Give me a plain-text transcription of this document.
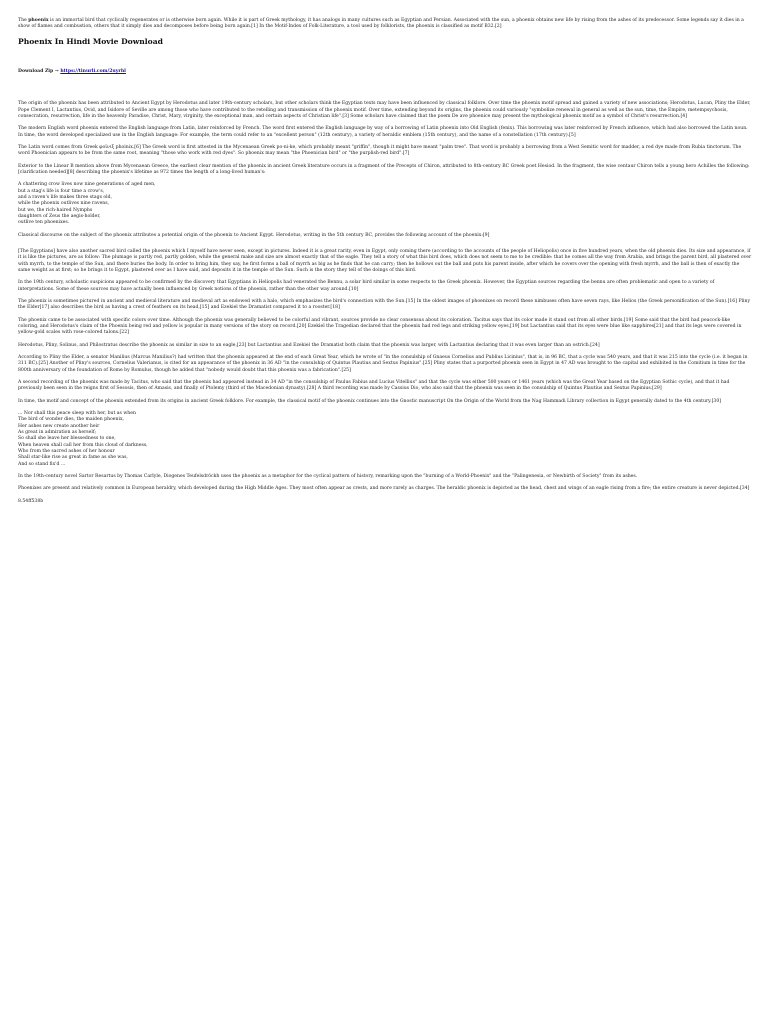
The phoenix is an immortal bird that cyclically regenerates or is otherwise born again. While it is part of Greek mythology, it has analogs in many cultures such as Egyptian and Persian. Associated with the sun, a phoenix obtains new life by rising from the ashes of its predecessor. Some legends say it dies in a show of flames and combustion, others that it simply dies and decomposes before being born again.[1] In the Motif-Index of Folk-Literature, a tool used by folklorists, the phoenix is classified as motif B32.[2]

Phoenix In Hindi Movie Download
Download Zip → https://tinurli.com/2uyrhl

The origin of the phoenix has been attributed to Ancient Egypt by Herodotus and later 19th-century scholars, but other scholars think the Egyptian texts may have been influenced by classical folklore. Over time the phoenix motif spread and gained a variety of new associations; Herodotus, Lucan, Pliny the Elder, Pope Clement I, Lactantius, Ovid, and Isidore of Seville are among those who have contributed to the retelling and transmission of the phoenix motif. Over time, extending beyond its origins, the phoenix could variously "symbolize renewal in general as well as the sun, time, the Empire, metempsychosis, consecration, resurrection, life in the heavenly Paradise, Christ, Mary, virginity, the exceptional man, and certain aspects of Christian life".[3] Some scholars have claimed that the poem De ave phoenice may present the mythological phoenix motif as a symbol of Christ's resurrection.[4]

The modern English word phoenix entered the English language from Latin, later reinforced by French. The word first entered the English language by way of a borrowing of Latin phoenix into Old English (fenix). This borrowing was later reinforced by French influence, which had also borrowed the Latin noun. In time, the word developed specialized use in the English language: For example, the term could refer to an "excellent person" (12th century), a variety of heraldic emblem (15th century), and the name of a constellation (17th century).[5]

The Latin word comes from Greek φοῖνιξ phoinix.[6] The Greek word is first attested in the Mycenaean Greek po-ni-ke, which probably meant "griffin", though it might have meant "palm tree". That word is probably a borrowing from a West Semitic word for madder, a red dye made from Rubia tinctorum. The word Phoenician appears to be from the same root, meaning "those who work with red dyes". So phoenix may mean "the Phoenician bird" or "the purplish-red bird".[7]

Exterior to the Linear B mention above from Mycenaean Greece, the earliest clear mention of the phoenix in ancient Greek literature occurs in a fragment of the Precepts of Chiron, attributed to 8th-century BC Greek poet Hesiod. In the fragment, the wise centaur Chiron tells a young hero Achilles the following:[clarification needed][8] describing the phoenix's lifetime as 972 times the length of a long-lived human's:

A chattering crow lives now nine generations of aged men,
but a stag's life is four time a crow's,
and a raven's life makes three stags old,
while the phoenix outlives nine ravens,
but we, the rich-haired Nymphs
daughters of Zeus the aegis-holder,
outlive ten phoenixes.

Classical discourse on the subject of the phoenix attributes a potential origin of the phoenix to Ancient Egypt. Herodotus, writing in the 5th century BC, provides the following account of the phoenix:[9]

[The Egyptians] have also another sacred bird called the phoenix which I myself have never seen, except in pictures. Indeed it is a great rarity, even in Egypt, only coming there (according to the accounts of the people of Heliopolis) once in five hundred years, when the old phoenix dies. Its size and appearance, if it is like the pictures, are as follow: The plumage is partly red, partly golden, while the general make and size are almost exactly that of the eagle. They tell a story of what this bird does, which does not seem to me to be credible: that he comes all the way from Arabia, and brings the parent bird, all plastered over with myrrh, to the temple of the Sun, and there buries the body. In order to bring him, they say, he first forms a ball of myrrh as big as he finds that he can carry; then he hollows out the ball and puts his parent inside, after which he covers over the opening with fresh myrrh, and the ball is then of exactly the same weight as at first; so he brings it to Egypt, plastered over as I have said, and deposits it in the temple of the Sun. Such is the story they tell of the doings of this bird.

In the 19th century, scholastic suspicions appeared to be confirmed by the discovery that Egyptians in Heliopolis had venerated the Bennu, a solar bird similar in some respects to the Greek phoenix. However, the Egyptian sources regarding the bennu are often problematic and open to a variety of interpretations. Some of these sources may have actually been influenced by Greek notions of the phoenix, rather than the other way around.[10]

The phoenix is sometimes pictured in ancient and medieval literature and medieval art as endowed with a halo, which emphasizes the bird's connection with the Sun.[15] In the oldest images of phoenixes on record these nimbuses often have seven rays, like Helios (the Greek personification of the Sun).[16] Pliny the Elder[17] also describes the bird as having a crest of feathers on its head,[15] and Ezekiel the Dramatist compared it to a rooster.[18]

The phoenix came to be associated with specific colors over time. Although the phoenix was generally believed to be colorful and vibrant, sources provide no clear consensus about its coloration. Tacitus says that its color made it stand out from all other birds.[19] Some said that the bird had peacock-like coloring, and Herodotus's claim of the Phoenix being red and yellow is popular in many versions of the story on record.[20] Ezekiel the Tragedian declared that the phoenix had red legs and striking yellow eyes,[19] but Lactantius said that its eyes were blue like sapphires[21] and that its legs were covered in yellow-gold scales with rose-colored talons.[22]

Herodotus, Pliny, Solinus, and Philostratus describe the phoenix as similar in size to an eagle,[23] but Lactantius and Ezekiel the Dramatist both claim that the phoenix was larger, with Lactantius declaring that it was even larger than an ostrich.[24]

According to Pliny the Elder, a senator Manilius (Marcus Manilius?) had written that the phoenix appeared at the end of each Great Year, which he wrote of "in the consulship of Gnaeus Cornelius and Publius Licinius", that is, in 96 BC, that a cycle was 540 years, and that it was 215 into the cycle (i.e. it began in 311 BC).[25] Another of Pliny's sources, Cornelius Valerianus, is cited for an appearance of the phoenix in 36 AD "in the consulship of Quintus Plautius and Sextus Papinius".[25] Pliny states that a purported phoenix seen in Egypt in 47 AD was brought to the capital and exhibited in the Comitium in time for the 800th anniversary of the foundation of Rome by Romulus, though he added that "nobody would doubt that this phoenix was a fabrication".[25]

A second recording of the phoenix was made by Tacitus, who said that the phoenix had appeared instead in 34 AD "in the consulship of Paulus Fabius and Lucius Vitellius" and that the cycle was either 500 years or 1461 years (which was the Great Year based on the Egyptian Sothic cycle), and that it had previously been seen in the reigns first of Sesosis, then of Amasis, and finally of Ptolemy (third of the Macedonian dynasty).[28] A third recording was made by Cassius Dio, who also said that the phoenix was seen in the consulship of Quintus Plautius and Sextus Papinius.[29]

In time, the motif and concept of the phoenix extended from its origins in ancient Greek folklore. For example, the classical motif of the phoenix continues into the Gnostic manuscript On the Origin of the World from the Nag Hammadi Library collection in Egypt generally dated to the 4th century.[30]

... Nor shall this peace sleep with her, but as when
The bird of wonder dies, the maiden phoenix,
Her ashes new create another heir
As great in admiration as herself;
So shall she leave her blessedness to one,
When heaven shall call her from this cloud of darkness,
Who from the sacred ashes of her honour
Shall star-like rise as great in fame as she was,
And so stand fix'd ...

In the 19th-century novel Sartor Resartus by Thomas Carlyle, Diogenes Teufelsdröckh uses the phoenix as a metaphor for the cyclical pattern of history, remarking upon the "burning of a World-Phoenix" and the "Palingenesia, or Newbirth of Society" from its ashes.

Phoenixes are present and relatively common in European heraldry, which developed during the High Middle Ages. They most often appear as crests, and more rarely as charges. The heraldic phoenix is depicted as the head, chest and wings of an eagle rising from a fire; the entire creature is never depicted.[34]

8.54ff538b
